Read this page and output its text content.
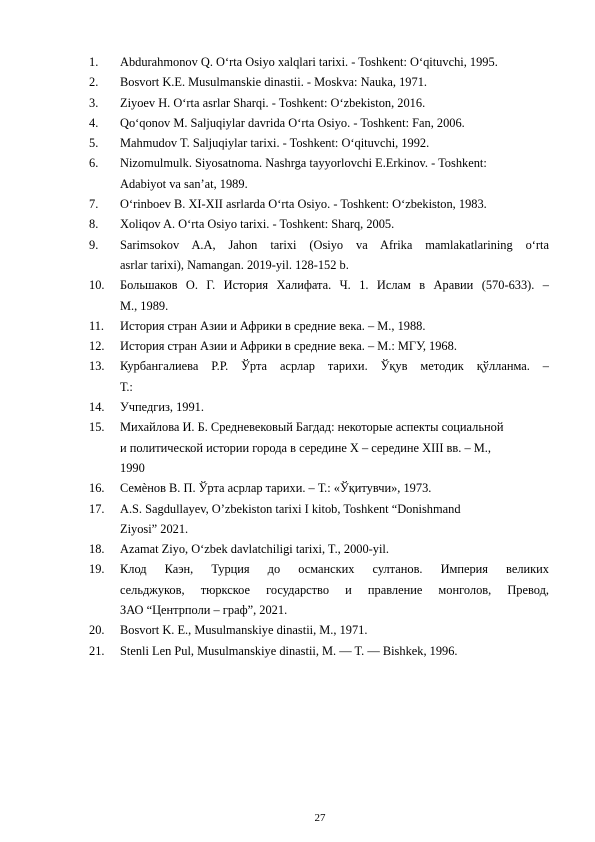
1.	Abdurahmonov Q. O‘rta Osiyo xalqlari tarixi. - Toshkent: O‘qituvchi, 1995.
2.	Bosvort K.E. Musulmanskie dinastii. - Moskva: Nauka, 1971.
3.	Ziyoev H. O‘rta asrlar Sharqi. - Toshkent: O‘zbekiston, 2016.
4.	Qo‘qonov M. Saljuqiylar davrida O‘rta Osiyo. - Toshkent: Fan, 2006.
5.	Mahmudov T. Saljuqiylar tarixi. - Toshkent: O‘qituvchi, 1992.
6.	Nizomulmulk. Siyosatnoma. Nashrga tayyorlovchi E.Erkinov. - Toshkent:
Adabiyot va san’at, 1989.
7.	O‘rinboev B. XI-XII asrlarda O‘rta Osiyo. - Toshkent: O‘zbekiston, 1983.
8.	Xoliqov A. O‘rta Osiyo tarixi. - Toshkent: Sharq, 2005.
9.	Sarimsokov A.A, Jahon tarixi (Osiyo va Afrika mamlakatlarining o‘rta
asrlar tarixi), Namangan. 2019-yil. 128-152 b.
10.	Большаков О. Г. История Халифата. Ч. 1. Ислам в Аравии (570-633). –
М., 1989.
11.	История стран Азии и Африки в средние века. – М., 1988.
12.	История стран Азии и Африки в средние века. – М.: МГУ, 1968.
13.	Курбангалиева Р.Р. Ўрта асрлар тарихи. Ўқув методик қўлланма. –
Т.:
14.	Учпедгиз, 1991.
15.	Михайлова И. Б. Средневековый Багдад: некоторые аспекты социальной
и политической истории города в середине X – середине XIII вв. – М.,
1990
16.	Семѐнов В. П. Ўрта асрлар тарихи. – Т.: «Ўқитувчи», 1973.
17.	A.S. Sagdullayev, O’zbekiston tarixi I kitob, Toshkent “Donishmand
Ziyosi” 2021.
18.	Azamat Ziyo, O‘zbek davlatchiligi tarixi, T., 2000-yil.
19.	Клод Каэн, Турция до османских султанов. Империя великих
сельджуков, тюркское государство и правление монголов, Превод,
ЗАО “Центрполи – граф”, 2021.
20.	Bosvort K. E., Musulmanskiye dinastii, M., 1971.
21.	Stenli Len Pul, Musulmanskiye dinastii, M. — T. — Bishkek, 1996.
27
